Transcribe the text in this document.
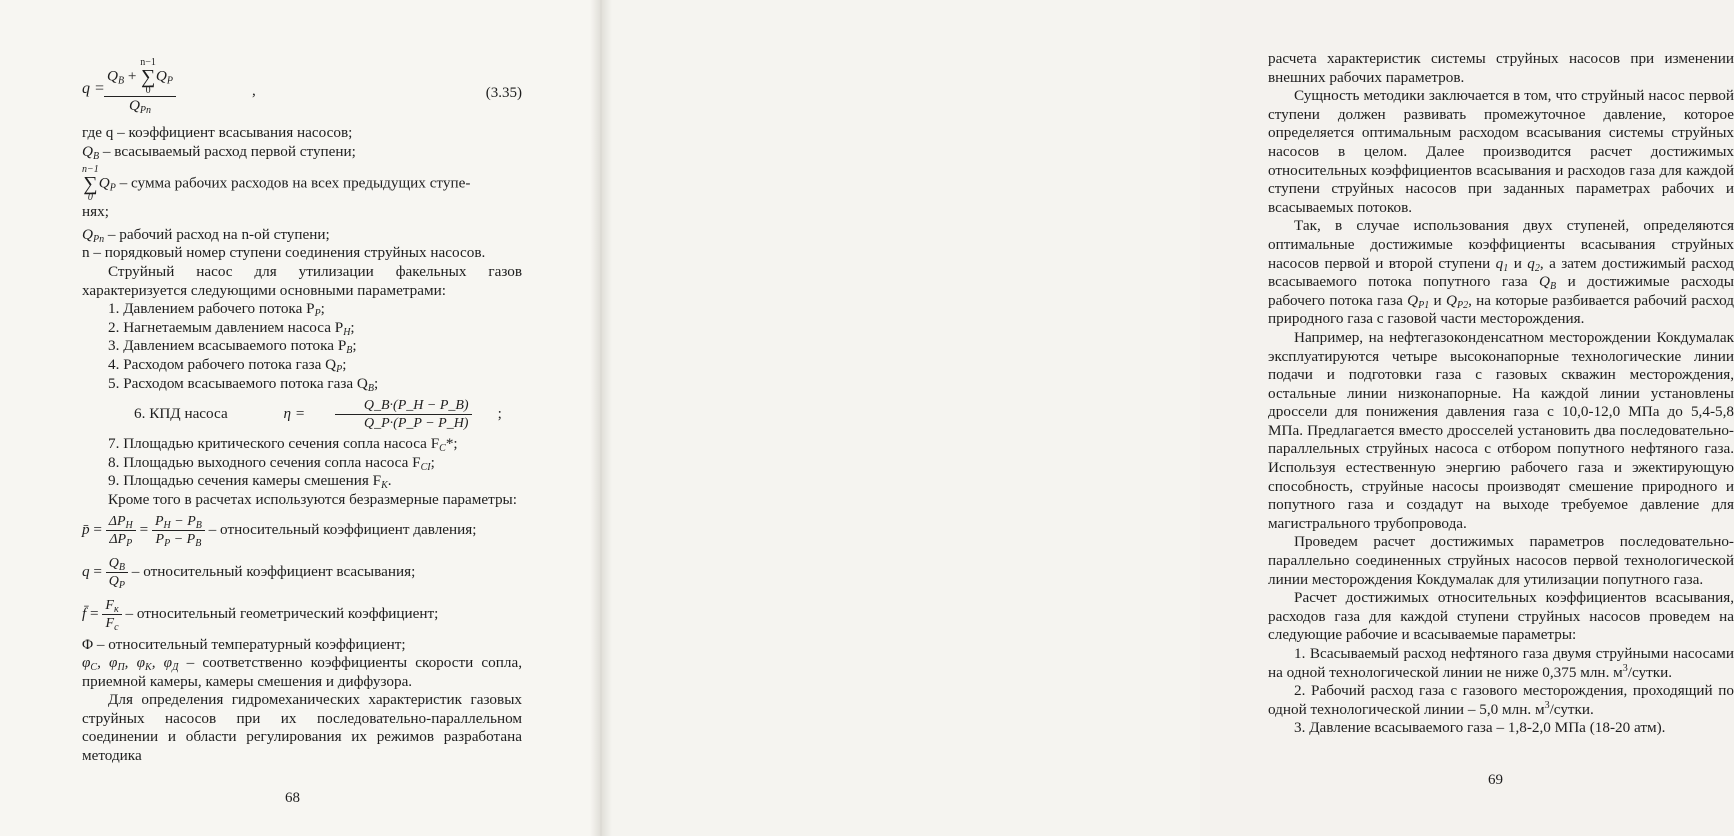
q =
$Q_B + n-1$
∑
$0Q_P$
$Q_{Pn}$
,	(3.35)

где q – коэффициент всасывания насосов;

$Q_B$ – всасываемый расход первой ступени;

n−1
∑
$0Q_P$ – сумма рабочих расходов на всех предыдущих ступе-

нях;

$Q_{Pn}$ – рабочий расход на n-ой ступени;

n – порядковый номер ступени соединения струйных насосов.

Струйный насос для утилизации факельных газов характеризуется следующими основными параметрами:

1. Давлением рабочего потока $P_P$;

2. Нагнетаемым давлением насоса $P_H$;

3. Давлением всасываемого потока $P_B$;

4. Расходом рабочего потока газа $Q_P$;

5. Расходом всасываемого потока газа $Q_B$;

6. КПД насоса
	η =
$\frac{Q\_B\cdot(P\_H - P\_B)}{Q\_P\cdot(P\_P - P\_H)}$ ;

7. Площадью критического сечения сопла насоса $F_C*$;

8. Площадью выходного сечения сопла насоса $F_{CI}$;

9. Площадью сечения камеры смешения $F_K$.

Кроме того в расчетах используются безразмерные параметры:

p̄ = $\frac{\Delta P_H}{\Delta P_P} = \frac{P_H - P_B}{P_P - P_B}$
– относительный коэффициент давления;
$q = \frac{Q_B}{Q_P}$
– относительный коэффициент всасывания;
f̄ = $\frac{F_к}{F_c}$
– относительный геометрический коэффициент;

Φ – относительный температурный коэффициент;

$\varphi_C$, $\varphi_П$, $\varphi_K$, $\varphi_Д$ – соответственно коэффициенты скорости сопла, приемной камеры, камеры смешения и диффузора.

Для определения гидромеханических характеристик газовых струйных насосов при их последовательно-параллельном соединении и области регулирования их режимов разработана методика

68

расчета характеристик системы струйных насосов при изменении внешних рабочих параметров.

Сущность методики заключается в том, что струйный насос первой ступени должен развивать промежуточное давление, которое определяется оптимальным расходом всасывания системы струйных насосов в целом. Далее производится расчет достижимых относительных коэффициентов всасывания и расходов газа для каждой ступени струйных насосов при заданных параметрах рабочих и всасываемых потоков.

Так, в случае использования двух ступеней, определяются оптимальные достижимые коэффициенты всасывания струйных насосов первой и второй ступени $q_1$ и $q_2$, а затем достижимый расход всасываемого потока попутного газа $Q_B$ и достижимые расходы рабочего потока газа $Q_{P1}$ и $Q_{P2}$, на которые разбивается рабочий расход природного газа с газовой части месторождения.

Например, на нефтегазоконденсатном месторождении Кокдумалак эксплуатируются четыре высоконапорные технологические линии подачи и подготовки газа с газовых скважин месторождения, остальные линии низконапорные. На каждой линии установлены дроссели для понижения давления газа с 10,0-12,0 МПа до 5,4-5,8 МПа. Предлагается вместо дросселей установить два последовательно-параллельных струйных насоса с отбором попутного нефтяного газа. Используя естественную энергию рабочего газа и эжектирующую способность, струйные насосы производят смешение природного и попутного газа и создадут на выходе требуемое давление для магистрального трубопровода.

Проведем расчет достижимых параметров последовательно-параллельно соединенных струйных насосов первой технологической линии месторождения Кокдумалак для утилизации попутного газа.

Расчет достижимых относительных коэффициентов всасывания, расходов газа для каждой ступени струйных насосов проведем на следующие рабочие и всасываемые параметры:

1. Всасываемый расход нефтяного газа двумя струйными насосами на одной технологической линии не ниже 0,375 млн. $м^3$/сутки.

2. Рабочий расход газа с газового месторождения, проходящий по одной технологической линии – 5,0 млн. $м^3$/сутки.

3. Давление всасываемого газа – 1,8-2,0 МПа (18-20 атм).

69
